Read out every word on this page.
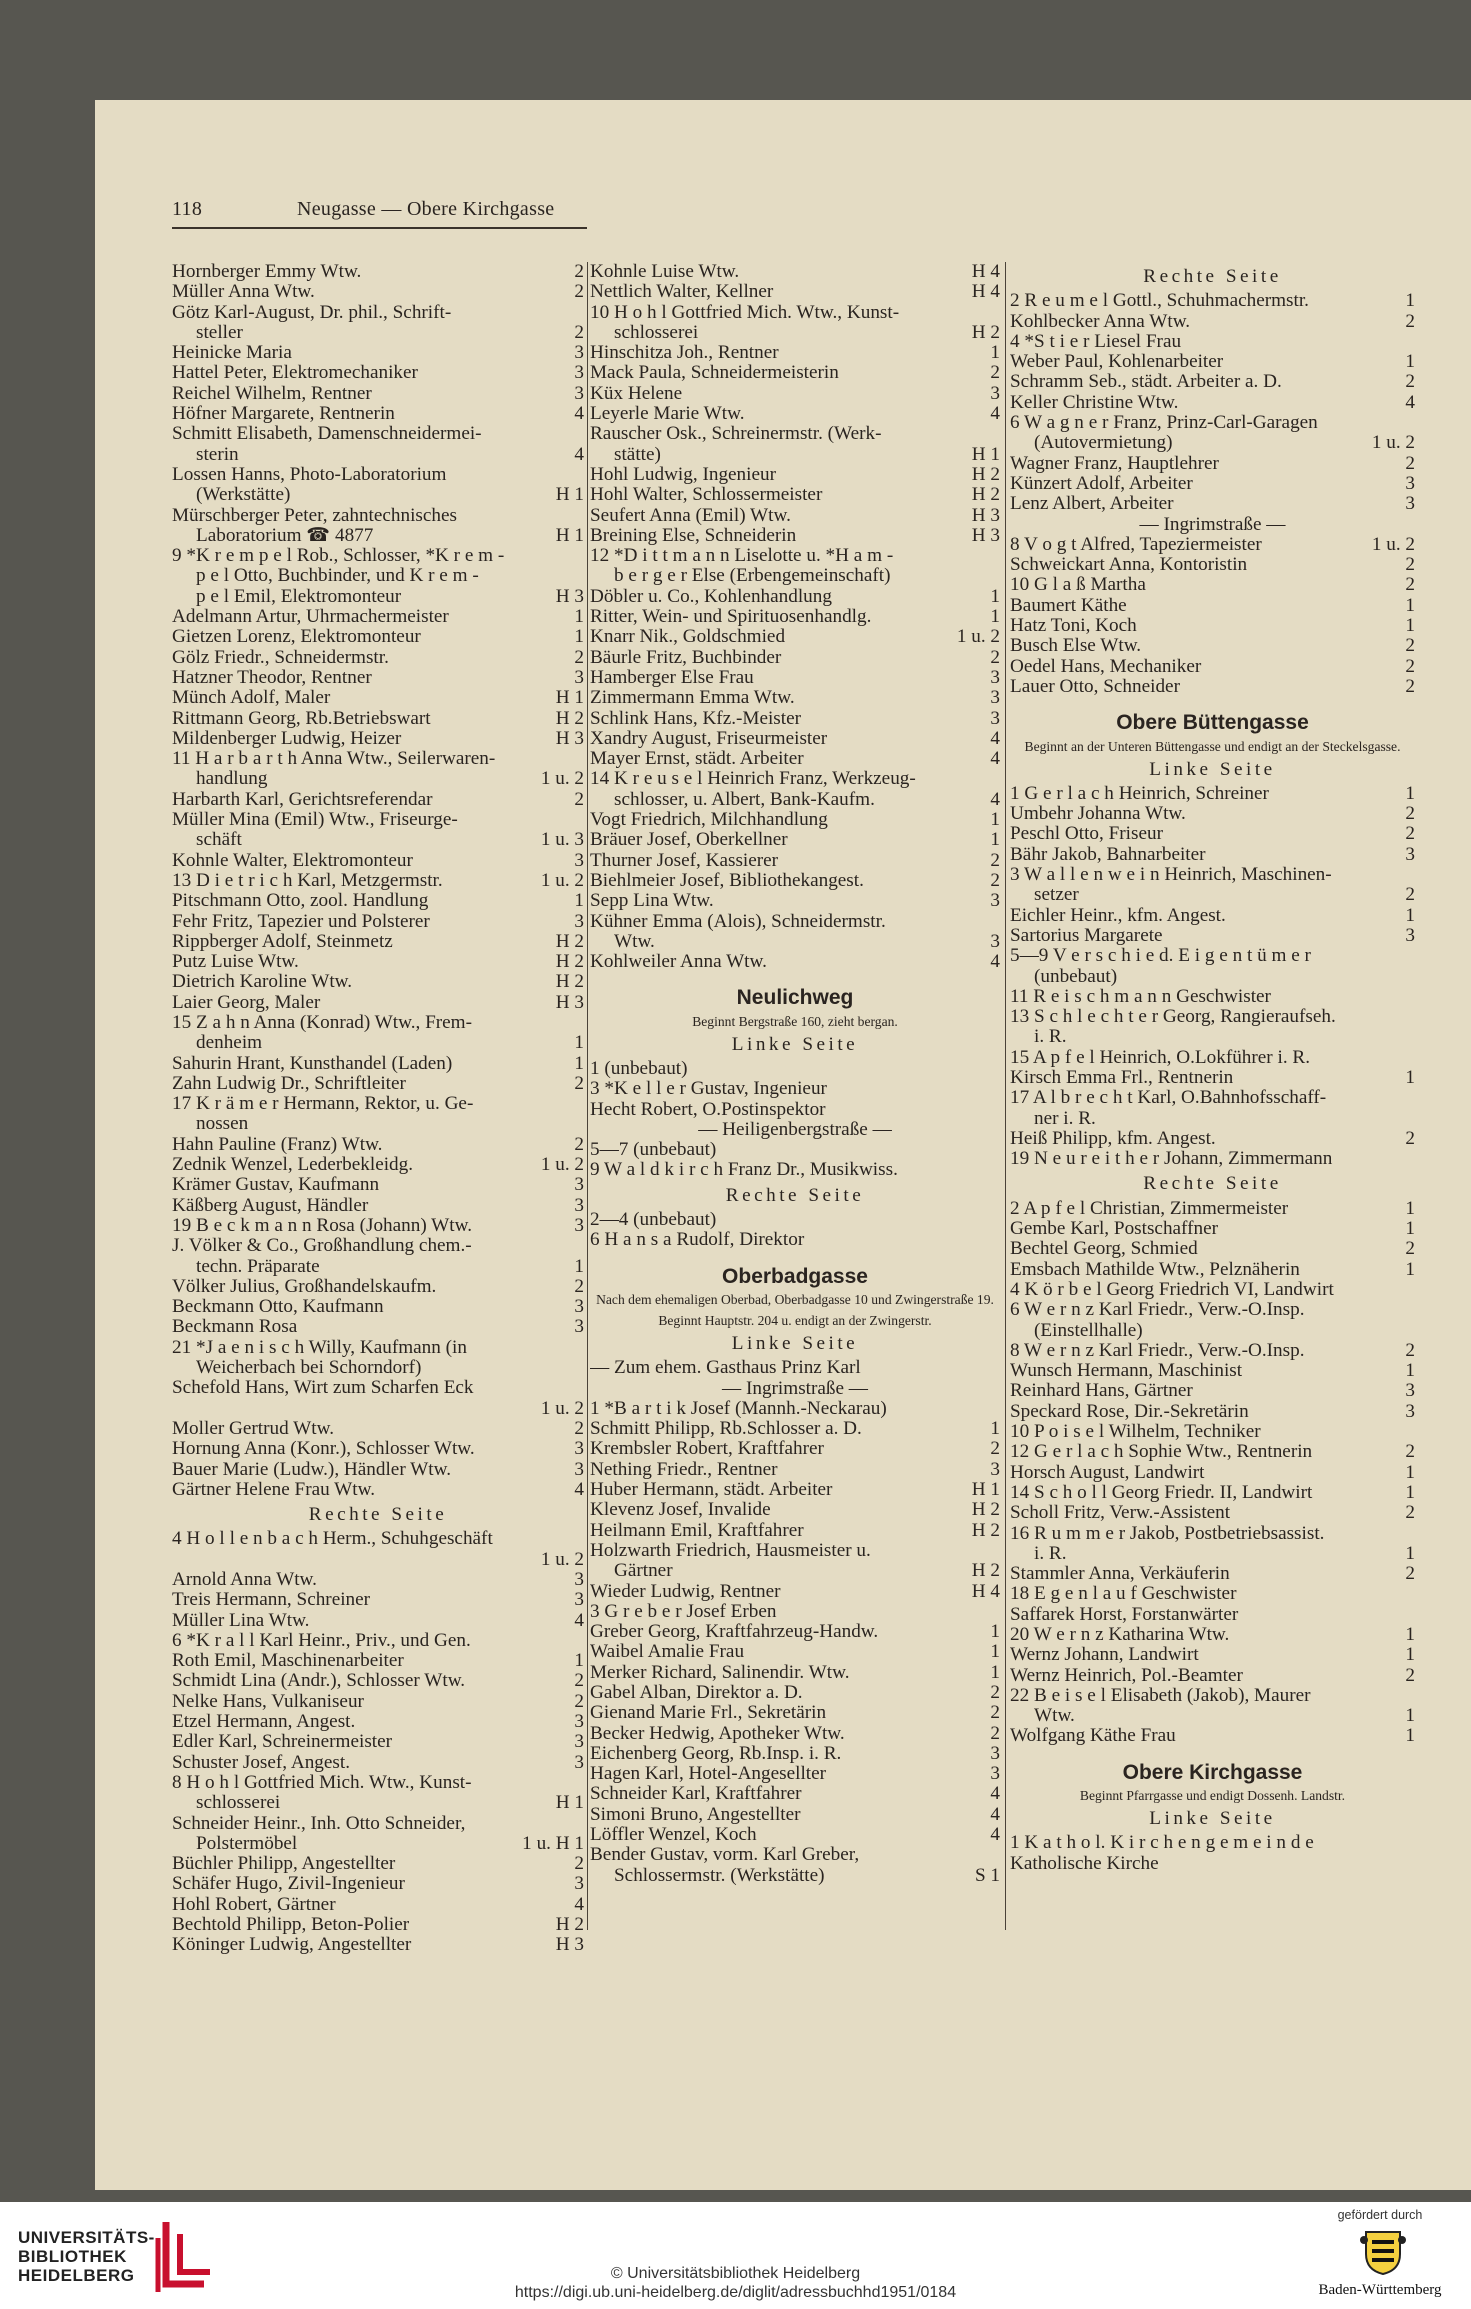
118	Neugasse — Obere Kirchgasse
Hornberger Emmy Wtw.	2
Müller Anna Wtw.	2
Götz Karl-August, Dr. phil., Schrift-
steller	2
Heinicke Maria	3
Hattel Peter, Elektromechaniker	3
Reichel Wilhelm, Rentner	3
Höfner Margarete, Rentnerin	4
Schmitt Elisabeth, Damenschneidermei-
sterin	4
Lossen Hanns, Photo-Laboratorium
(Werkstätte)	H 1
Mürschberger Peter, zahntechnisches
Laboratorium ☎ 4877	H 1
9 *K r e m p e l Rob., Schlosser, *K r e m -
p e l Otto, Buchbinder, und K r e m -
p e l Emil, Elektromonteur	H 3
Adelmann Artur, Uhrmachermeister	1
Gietzen Lorenz, Elektromonteur	1
Gölz Friedr., Schneidermstr.	2
Hatzner Theodor, Rentner	3
Münch Adolf, Maler	H 1
Rittmann Georg, Rb.Betriebswart	H 2
Mildenberger Ludwig, Heizer	H 3
11 H a r b a r t h Anna Wtw., Seilerwaren-
handlung	1 u. 2
Harbarth Karl, Gerichtsreferendar	2
Müller Mina (Emil) Wtw., Friseurge-
schäft	1 u. 3
Kohnle Walter, Elektromonteur	3
13 D i e t r i c h Karl, Metzgermstr.	1 u. 2
Pitschmann Otto, zool. Handlung	1
Fehr Fritz, Tapezier und Polsterer	3
Rippberger Adolf, Steinmetz	H 2
Putz Luise Wtw.	H 2
Dietrich Karoline Wtw.	H 2
Laier Georg, Maler	H 3
15 Z a h n Anna (Konrad) Wtw., Frem-
denheim	1
Sahurin Hrant, Kunsthandel (Laden)	1
Zahn Ludwig Dr., Schriftleiter	2
17 K r ä m e r Hermann, Rektor, u. Ge-
nossen
Hahn Pauline (Franz) Wtw.	2
Zednik Wenzel, Lederbekleidg.	1 u. 2
Krämer Gustav, Kaufmann	3
Käßberg August, Händler	3
19 B e c k m a n n Rosa (Johann) Wtw.	3
J. Völker & Co., Großhandlung chem.-
techn. Präparate	1
Völker Julius, Großhandelskaufm.	2
Beckmann Otto, Kaufmann	3
Beckmann Rosa	3
21 *J a e n i s c h Willy, Kaufmann (in
Weicherbach bei Schorndorf)
Schefold Hans, Wirt zum Scharfen Eck
1 u. 2
Moller Gertrud Wtw.	2
Hornung Anna (Konr.), Schlosser Wtw.	3
Bauer Marie (Ludw.), Händler Wtw.	3
Gärtner Helene Frau Wtw.	4
Rechte Seite
4 H o l l e n b a c h Herm., Schuhgeschäft
1 u. 2
Arnold Anna Wtw.	3
Treis Hermann, Schreiner	3
Müller Lina Wtw.	4
6 *K r a l l Karl Heinr., Priv., und Gen.
Roth Emil, Maschinenarbeiter	1
Schmidt Lina (Andr.), Schlosser Wtw.	2
Nelke Hans, Vulkaniseur	2
Etzel Hermann, Angest.	3
Edler Karl, Schreinermeister	3
Schuster Josef, Angest.	3
8 H o h l Gottfried Mich. Wtw., Kunst-
schlosserei	H 1
Schneider Heinr., Inh. Otto Schneider,
Polstermöbel	1 u. H 1
Büchler Philipp, Angestellter	2
Schäfer Hugo, Zivil-Ingenieur	3
Hohl Robert, Gärtner	4
Bechtold Philipp, Beton-Polier	H 2
Köninger Ludwig, Angestellter	H 3
Kohnle Luise Wtw.	H 4
Nettlich Walter, Kellner	H 4
10 H o h l Gottfried Mich. Wtw., Kunst-
schlosserei	H 2
Hinschitza Joh., Rentner	1
Mack Paula, Schneidermeisterin	2
Küx Helene	3
Leyerle Marie Wtw.	4
Rauscher Osk., Schreinermstr. (Werk-
stätte)	H 1
Hohl Ludwig, Ingenieur	H 2
Hohl Walter, Schlossermeister	H 2
Seufert Anna (Emil) Wtw.	H 3
Breining Else, Schneiderin	H 3
12 *D i t t m a n n Liselotte u. *H a m -
b e r g e r Else (Erbengemeinschaft)
Döbler u. Co., Kohlenhandlung	1
Ritter, Wein- und Spirituosenhandlg.	1
Knarr Nik., Goldschmied	1 u. 2
Bäurle Fritz, Buchbinder	2
Hamberger Else Frau	3
Zimmermann Emma Wtw.	3
Schlink Hans, Kfz.-Meister	3
Xandry August, Friseurmeister	4
Mayer Ernst, städt. Arbeiter	4
14 K r e u s e l Heinrich Franz, Werkzeug-
schlosser, u. Albert, Bank-Kaufm.	4
Vogt Friedrich, Milchhandlung	1
Bräuer Josef, Oberkellner	1
Thurner Josef, Kassierer	2
Biehlmeier Josef, Bibliothekangest.	2
Sepp Lina Wtw.	3
Kühner Emma (Alois), Schneidermstr.
Wtw.	3
Kohlweiler Anna Wtw.	4
Neulichweg
Beginnt Bergstraße 160, zieht bergan.
Linke Seite
1 (unbebaut)
3 *K e l l e r Gustav, Ingenieur
Hecht Robert, O.Postinspektor
— Heiligenbergstraße —
5—7 (unbebaut)
9 W a l d k i r c h Franz Dr., Musikwiss.
Rechte Seite
2—4 (unbebaut)
6 H a n s a Rudolf, Direktor
Oberbadgasse
Nach dem ehemaligen Oberbad, Oberbadgasse 10 und Zwingerstraße 19.
Beginnt Hauptstr. 204 u. endigt an der Zwingerstr.
Linke Seite
— Zum ehem. Gasthaus Prinz Karl
— Ingrimstraße —
1 *B a r t i k Josef (Mannh.-Neckarau)
Schmitt Philipp, Rb.Schlosser a. D.	1
Krembsler Robert, Kraftfahrer	2
Nething Friedr., Rentner	3
Huber Hermann, städt. Arbeiter	H 1
Klevenz Josef, Invalide	H 2
Heilmann Emil, Kraftfahrer	H 2
Holzwarth Friedrich, Hausmeister u.
Gärtner	H 2
Wieder Ludwig, Rentner	H 4
3 G r e b e r Josef Erben
Greber Georg, Kraftfahrzeug-Handw.	1
Waibel Amalie Frau	1
Merker Richard, Salinendir. Wtw.	1
Gabel Alban, Direktor a. D.	2
Gienand Marie Frl., Sekretärin	2
Becker Hedwig, Apotheker Wtw.	2
Eichenberg Georg, Rb.Insp. i. R.	3
Hagen Karl, Hotel-Angesellter	3
Schneider Karl, Kraftfahrer	4
Simoni Bruno, Angestellter	4
Löffler Wenzel, Koch	4
Bender Gustav, vorm. Karl Greber,
Schlossermstr. (Werkstätte)	S 1
Rechte Seite
2 R e u m e l Gottl., Schuhmachermstr.	1
Kohlbecker Anna Wtw.	2
4 *S t i e r Liesel Frau
Weber Paul, Kohlenarbeiter	1
Schramm Seb., städt. Arbeiter a. D.	2
Keller Christine Wtw.	4
6 W a g n e r Franz, Prinz-Carl-Garagen
(Autovermietung)	1 u. 2
Wagner Franz, Hauptlehrer	2
Künzert Adolf, Arbeiter	3
Lenz Albert, Arbeiter	3
— Ingrimstraße —
8 V o g t Alfred, Tapeziermeister	1 u. 2
Schweickart Anna, Kontoristin	2
10 G l a ß Martha	2
Baumert Käthe	1
Hatz Toni, Koch	1
Busch Else Wtw.	2
Oedel Hans, Mechaniker	2
Lauer Otto, Schneider	2
Obere Büttengasse
Beginnt an der Unteren Büttengasse und endigt an der Steckelsgasse.
Linke Seite
1 G e r l a c h Heinrich, Schreiner	1
Umbehr Johanna Wtw.	2
Peschl Otto, Friseur	2
Bähr Jakob, Bahnarbeiter	3
3 W a l l e n w e i n Heinrich, Maschinen-
setzer	2
Eichler Heinr., kfm. Angest.	1
Sartorius Margarete	3
5—9 V e r s c h i e d. E i g e n t ü m e r
(unbebaut)
11 R e i s c h m a n n Geschwister
13 S c h l e c h t e r Georg, Rangieraufseh.
i. R.
15 A p f e l Heinrich, O.Lokführer i. R.
Kirsch Emma Frl., Rentnerin	1
17 A l b r e c h t Karl, O.Bahnhofsschaff-
ner i. R.
Heiß Philipp, kfm. Angest.	2
19 N e u r e i t h e r Johann, Zimmermann
Rechte Seite
2 A p f e l Christian, Zimmermeister	1
Gembe Karl, Postschaffner	1
Bechtel Georg, Schmied	2
Emsbach Mathilde Wtw., Pelznäherin	1
4 K ö r b e l Georg Friedrich VI, Landwirt
6 W e r n z Karl Friedr., Verw.-O.Insp.
(Einstellhalle)
8 W e r n z Karl Friedr., Verw.-O.Insp.	2
Wunsch Hermann, Maschinist	1
Reinhard Hans, Gärtner	3
Speckard Rose, Dir.-Sekretärin	3
10 P o i s e l Wilhelm, Techniker
12 G e r l a c h Sophie Wtw., Rentnerin	2
Horsch August, Landwirt	1
14 S c h o l l Georg Friedr. II, Landwirt	1
Scholl Fritz, Verw.-Assistent	2
16 R u m m e r Jakob, Postbetriebsassist.
i. R.	1
Stammler Anna, Verkäuferin	2
18 E g e n l a u f Geschwister
Saffarek Horst, Forstanwärter
20 W e r n z Katharina Wtw.	1
Wernz Johann, Landwirt	1
Wernz Heinrich, Pol.-Beamter	2
22 B e i s e l Elisabeth (Jakob), Maurer
Wtw.	1
Wolfgang Käthe Frau	1
Obere Kirchgasse
Beginnt Pfarrgasse und endigt Dossenh. Landstr.
Linke Seite
1 K a t h o l. K i r c h e n g e m e i n d e
Katholische Kirche
UNIVERSITÄTS-
BIBLIOTHEK
HEIDELBERG	© Universitätsbibliothek Heidelberg
https://digi.ub.uni-heidelberg.de/diglit/adressbuchhd1951/0184
gefördert durch
Baden-Württemberg
